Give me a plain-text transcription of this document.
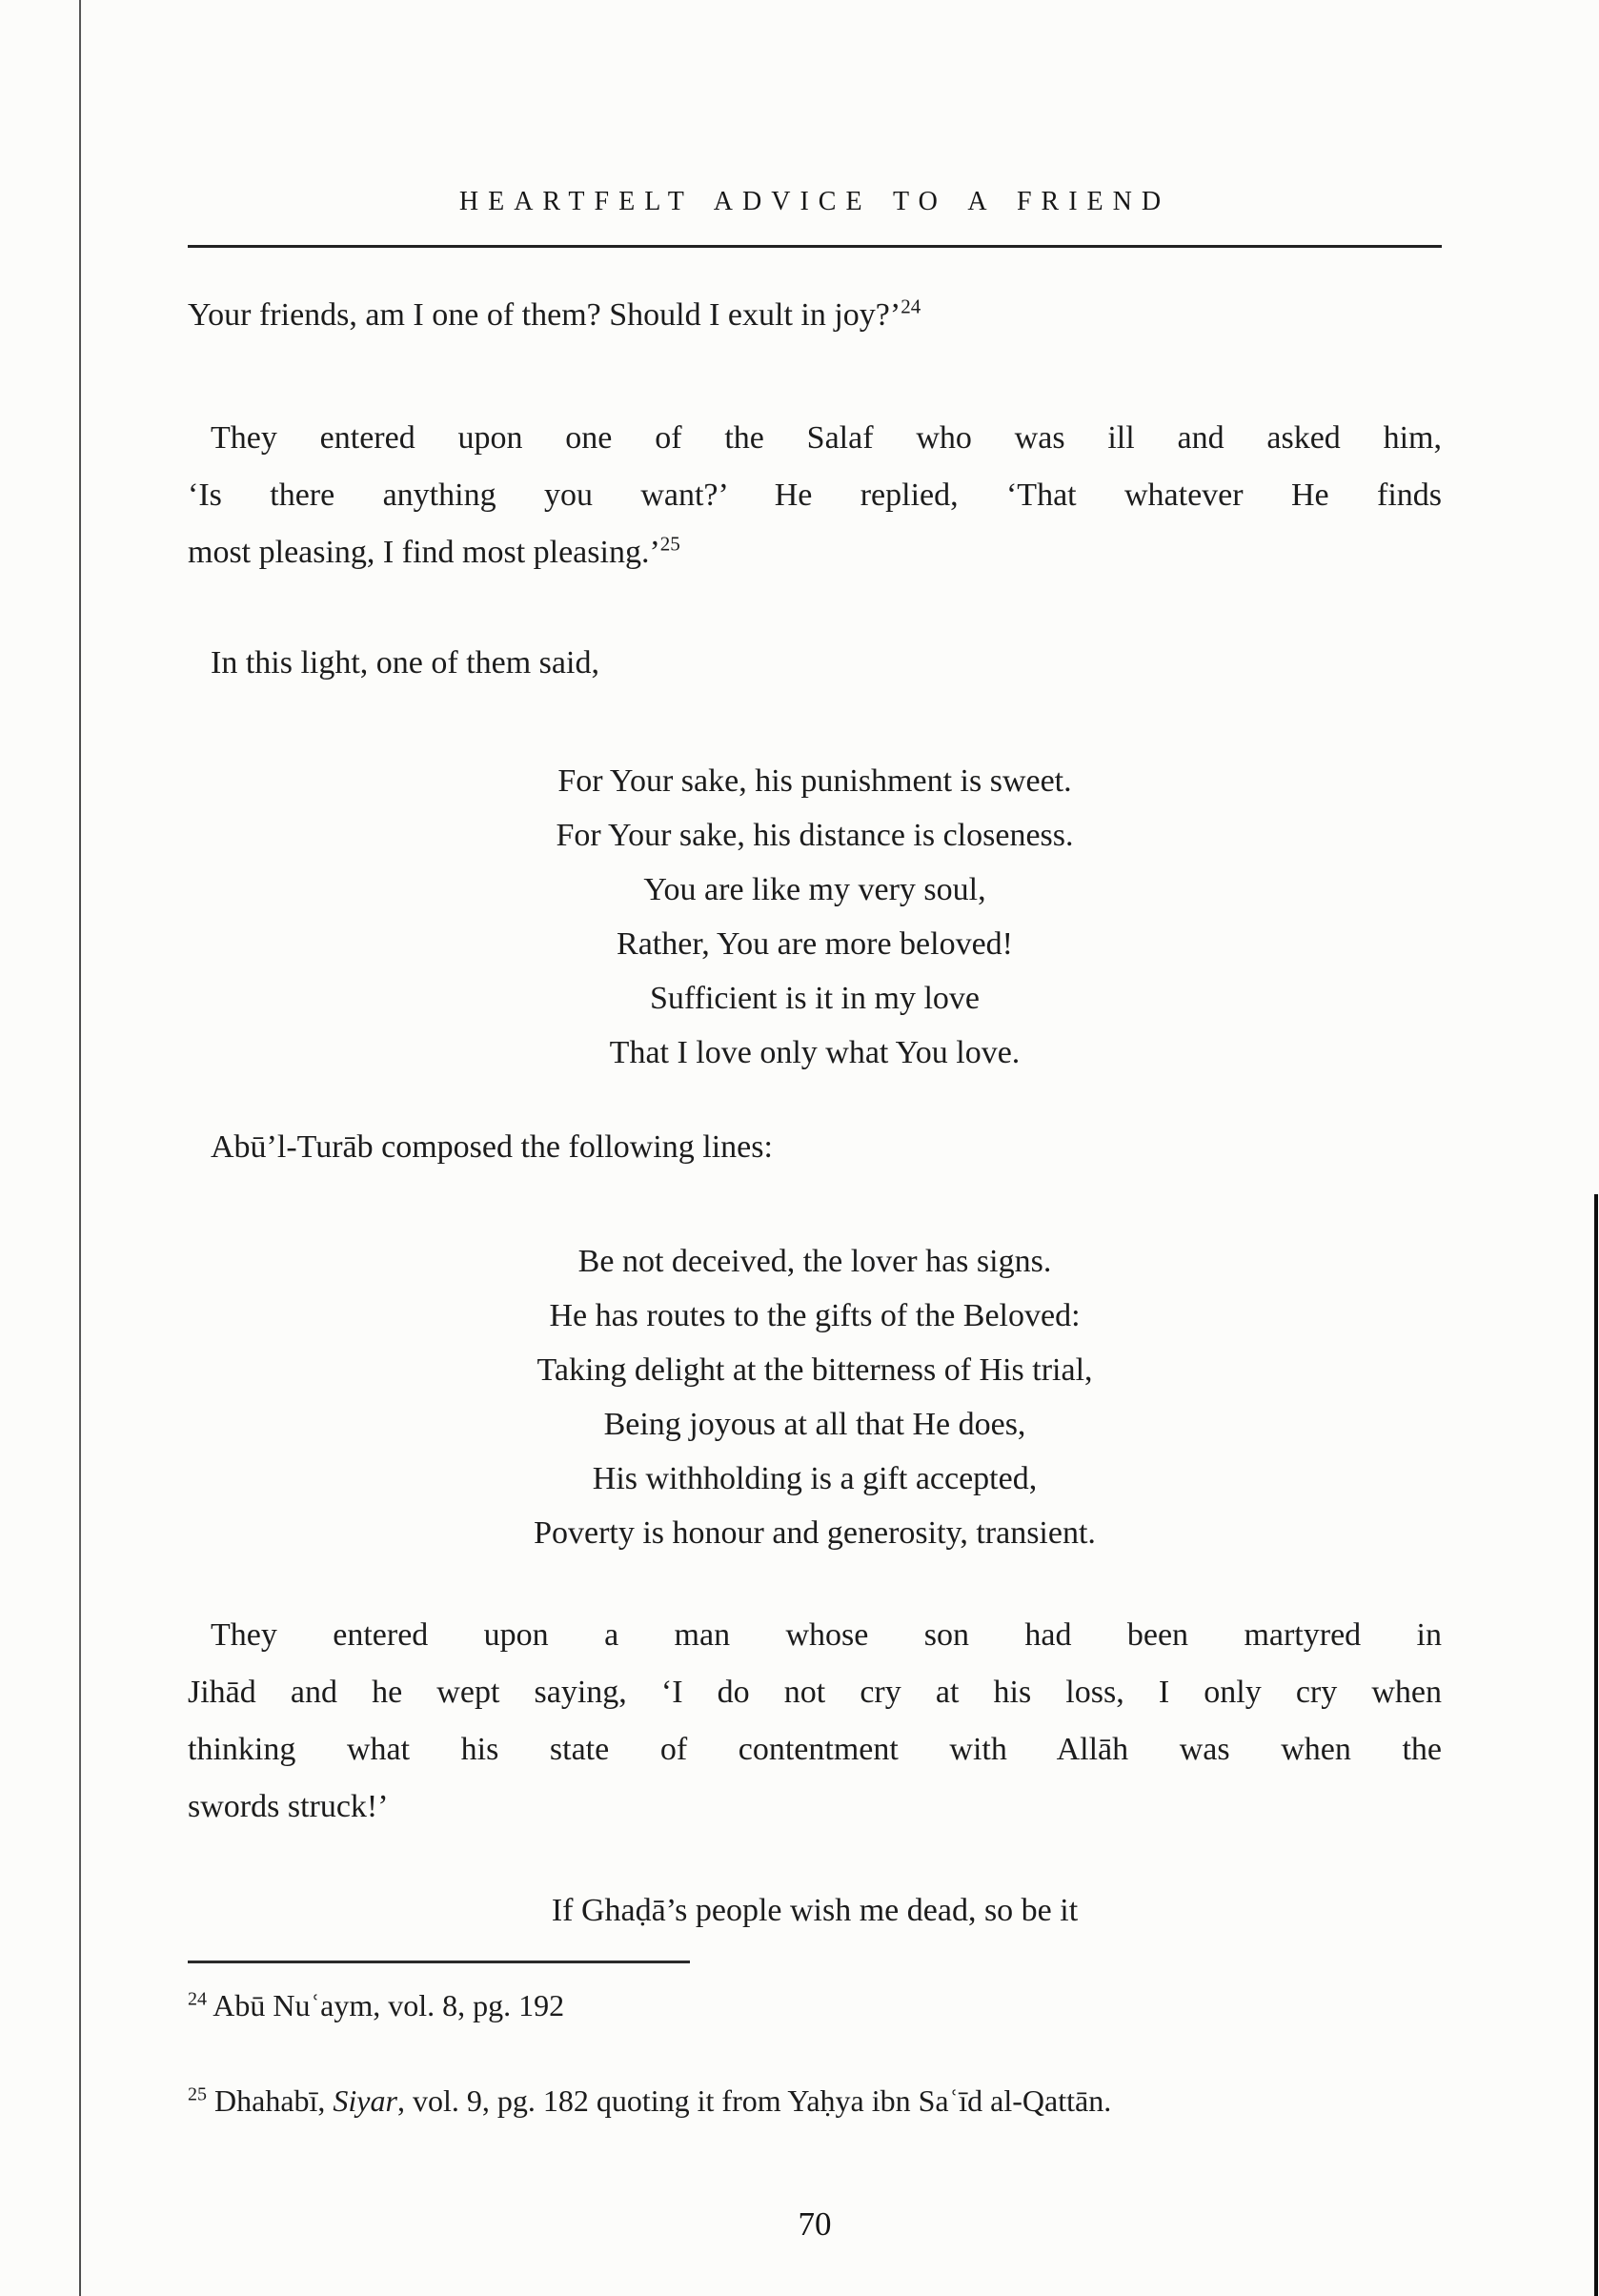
HEARTFELT ADVICE TO A FRIEND
Your friends, am I one of them? Should I exult in joy?’$^{24}$
They entered upon one of the Salaf who was ill and asked him,
‘Is there anything you want?’ He replied, ‘That whatever He finds
most pleasing, I find most pleasing.’$^{25}$
In this light, one of them said,
For Your sake, his punishment is sweet.
For Your sake, his distance is closeness.
You are like my very soul,
Rather, You are more beloved!
Sufficient is it in my love
That I love only what You love.
Abū’l-Turāb composed the following lines:
Be not deceived, the lover has signs.
He has routes to the gifts of the Beloved:
Taking delight at the bitterness of His trial,
Being joyous at all that He does,
His withholding is a gift accepted,
Poverty is honour and generosity, transient.
They entered upon a man whose son had been martyred in
Jihād and he wept saying, ‘I do not cry at his loss, I only cry when
thinking what his state of contentment with Allāh was when the
swords struck!’
If Ghaḍā’s people wish me dead, so be it
$^{24}$ Abū Nuʿaym, vol. 8, pg. 192
$^{25}$ Dhahabī, Siyar, vol. 9, pg. 182 quoting it from Yaḥya ibn Saʿīd al-Qattān.
70
